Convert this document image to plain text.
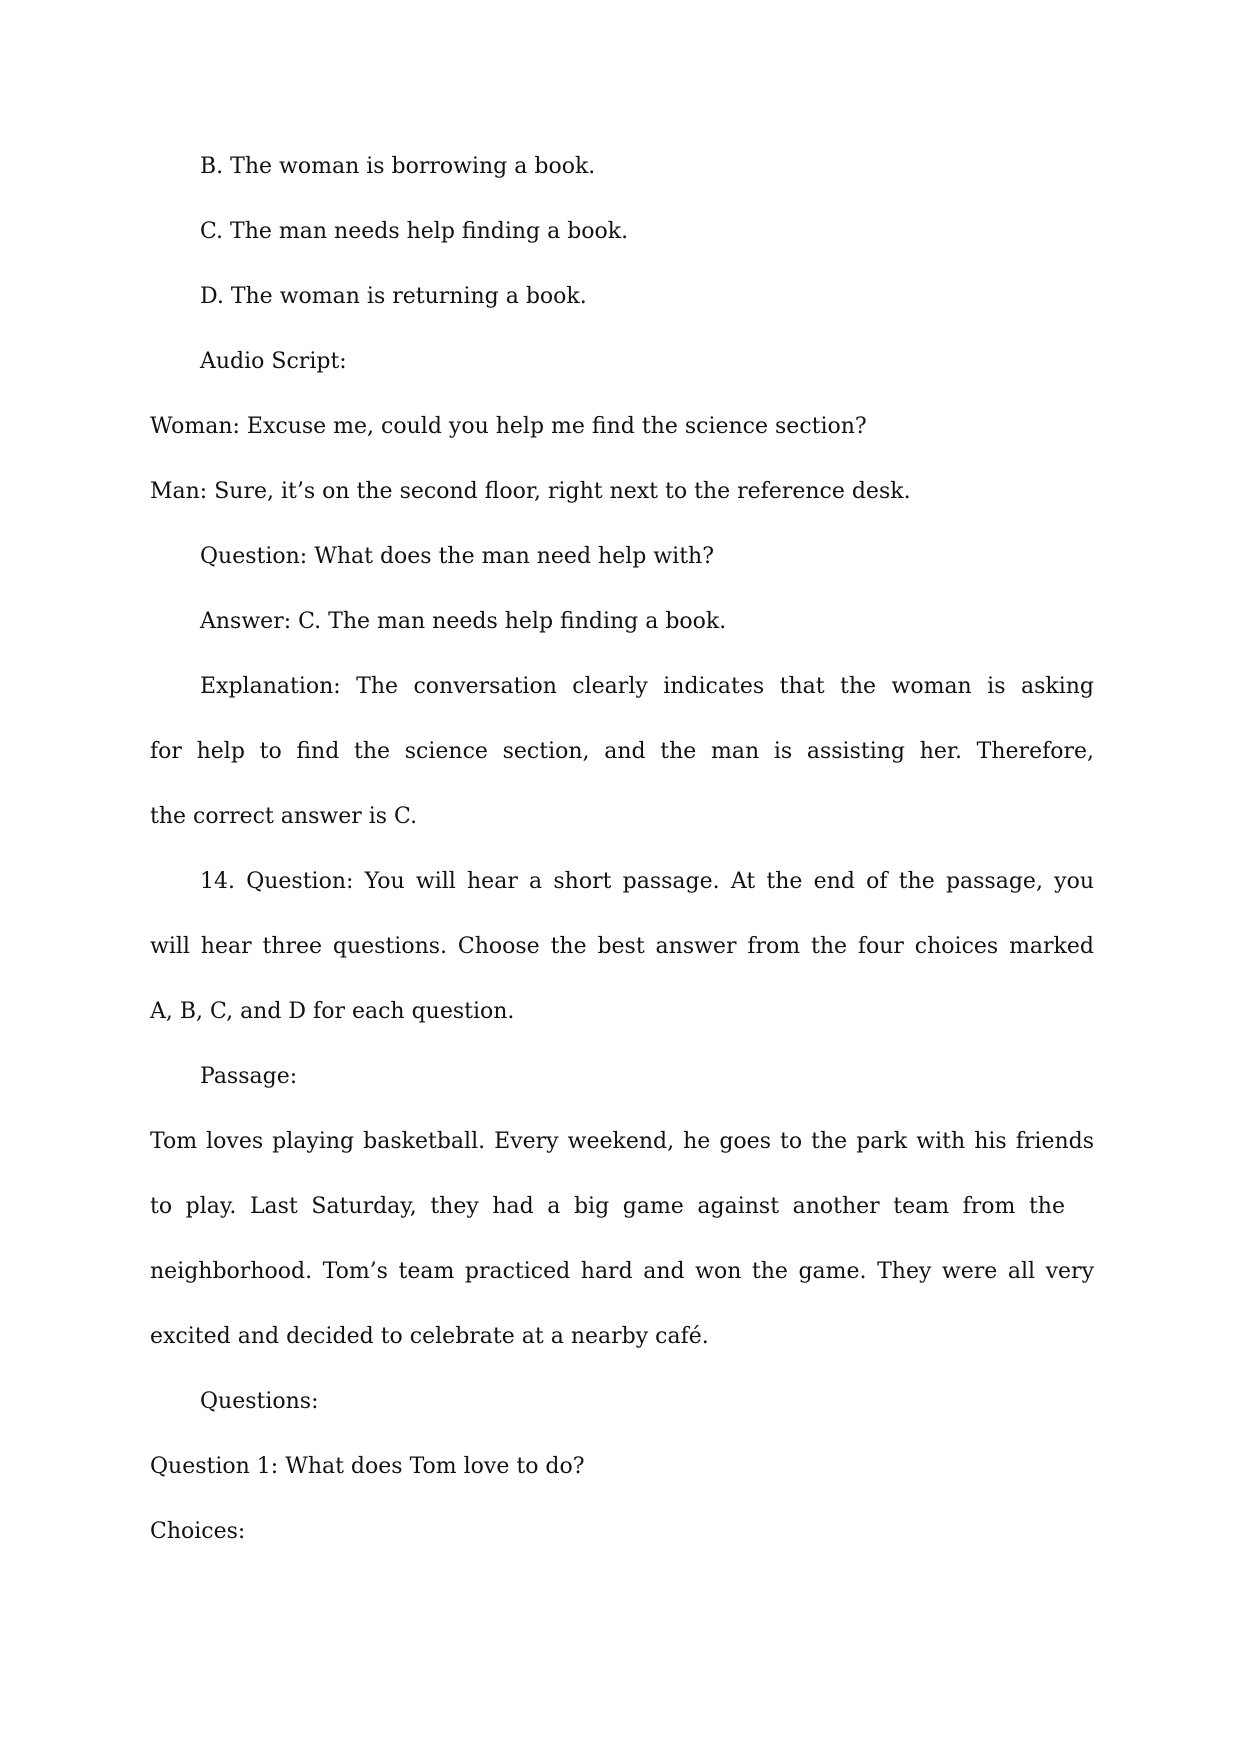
B. The woman is borrowing a book.

C. The man needs help finding a book.

D. The woman is returning a book.

Audio Script:

Woman: Excuse me, could you help me find the science section?

Man: Sure, it’s on the second floor, right next to the reference desk.

Question: What does the man need help with?

Answer: C. The man needs help finding a book.

Explanation: The conversation clearly indicates that the woman is asking

for help to find the science section, and the man is assisting her. Therefore,

the correct answer is C.

14. Question: You will hear a short passage. At the end of the passage, you

will hear three questions. Choose the best answer from the four choices marked

A, B, C, and D for each question.

Passage:

Tom loves playing basketball. Every weekend, he goes to the park with his friends

to play. Last Saturday, they had a big game against another team from the

neighborhood. Tom’s team practiced hard and won the game. They were all very

excited and decided to celebrate at a nearby café.

Questions:

Question 1: What does Tom love to do?

Choices:
